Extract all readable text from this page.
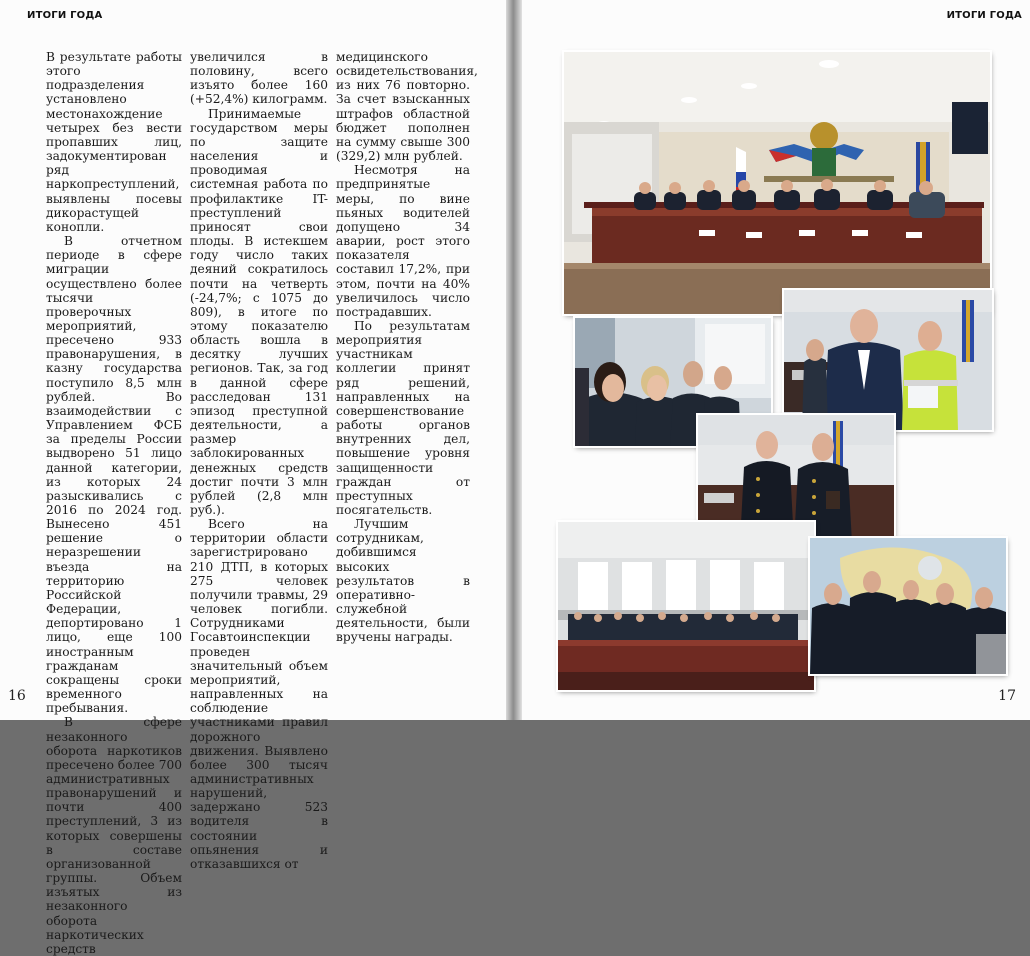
ИТОГИ ГОДА

В результате работы этого подразделения установлено местонахождение четырех без вести пропавших лиц, задокументирован ряд наркопреступлений, выявлены посевы дикорастущей конопли.

В отчетном периоде в сфере миграции осуществлено более тысячи проверочных мероприятий, пресечено 933 правонарушения, в казну государства поступило 8,5 млн рублей. Во взаимодействии с Управлением ФСБ за пределы России выдворено 51 лицо данной категории, из которых 24 разыскивались с 2016 по 2024 год. Вынесено 451 решение о неразрешении въезда на территорию Российской Федерации, депортировано 1 лицо, еще 100 иностранным гражданам сокращены сроки временного пребывания.

В сфере незаконного оборота наркотиков пресечено более 700 административных правонарушений и почти 400 преступлений, 3 из которых совершены в составе организованной группы. Объем изъятых из незаконного оборота наркотических средств

увеличился в половину, всего изъято более 160 (+52,4%) килограмм.

Принимаемые государством меры по защите населения и проводимая системная работа по профилактике IT- преступлений приносят свои плоды. В истекшем году число таких деяний сократилось почти на четверть (-24,7%; с 1075 до 809), в итоге по этому показателю область вошла в десятку лучших регионов. Так, за год в данной сфере расследован 131 эпизод преступной деятельности, а размер заблокированных денежных средств достиг почти 3 млн рублей (2,8 млн руб.).

Всего на территории области зарегистрировано 210 ДТП, в которых 275 человек получили травмы, 29 человек погибли. Сотрудниками Госавтоинспекции проведен значительный объем мероприятий, направленных на соблюдение участниками правил дорожного движения. Выявлено более 300 тысяч административных нарушений, задержано 523 водителя в состоянии опьянения и отказавшихся от

медицинского освидетельствования, из них 76 повторно. За счет взысканных штрафов областной бюджет пополнен на сумму свыше 300 (329,2) млн рублей.

Несмотря на предпринятые меры, по вине пьяных водителей допущено 34 аварии, рост этого показателя составил 17,2%, при этом, почти на 40% увеличилось число пострадавших.

По результатам мероприятия участникам коллегии принят ряд решений, направленных на совершенствование работы органов внутренних дел, повышение уровня защищенности граждан от преступных посягательств.

Лучшим сотрудникам, добившимся высоких результатов в оперативно-служебной деятельности, были вручены награды.

16
ИТОГИ ГОДА
17
